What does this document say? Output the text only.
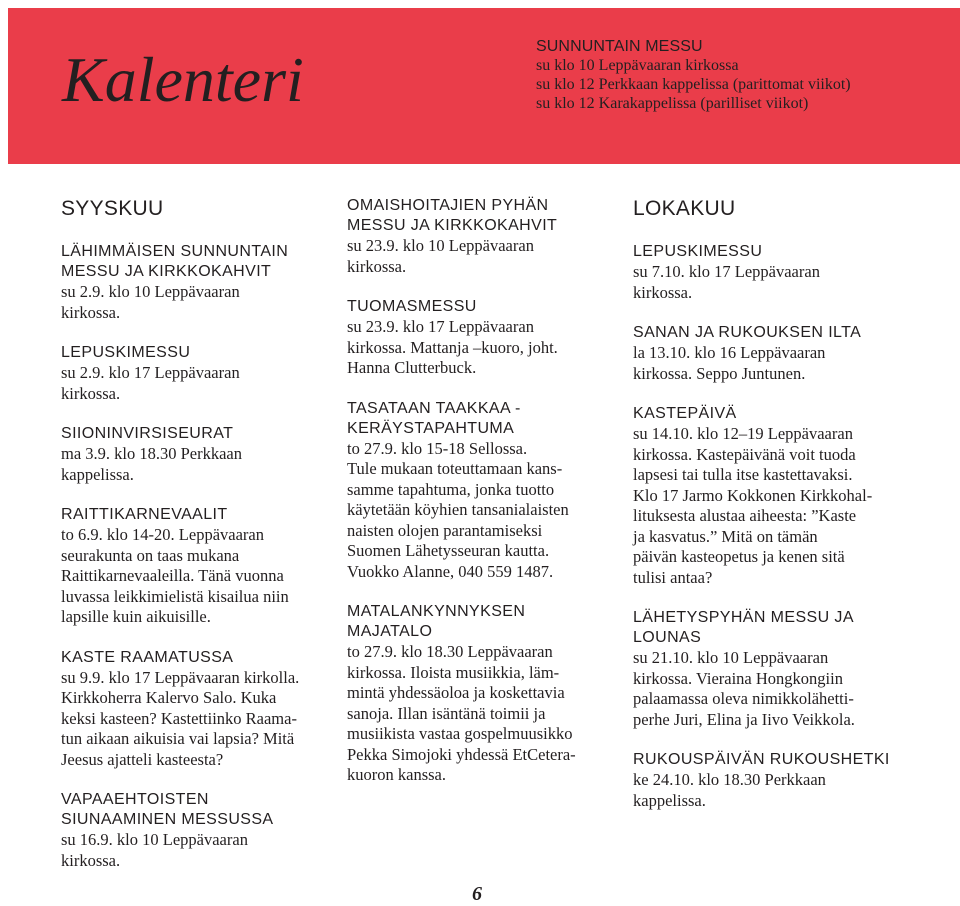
Kalenteri	SUNNUNTAIN MESSU
su klo 10 Leppävaaran kirkossa
su klo 12 Perkkaan kappelissa (parittomat viikot)
su klo 12 Karakappelissa (parilliset viikot)
SYYSKUU
LÄHIMMÄISEN SUNNUNTAIN
MESSU JA KIRKKOKAHVIT

su 2.9. klo 10 Leppävaaran
kirkossa.

LEPUSKIMESSU

su 2.9. klo 17 Leppävaaran
kirkossa.

SIIONINVIRSISEURAT

ma 3.9. klo 18.30 Perkkaan
kappelissa.

RAITTIKARNEVAALIT

to 6.9. klo 14-20. Leppävaaran
seurakunta on taas mukana
Raittikarnevaaleilla. Tänä vuonna
luvassa leikkimielistä kisailua niin
lapsille kuin aikuisille.

KASTE RAAMATUSSA

su 9.9. klo 17 Leppävaaran kirkolla.
Kirkkoherra Kalervo Salo. Kuka
keksi kasteen? Kastettiinko Raama-
tun aikaan aikuisia vai lapsia? Mitä
Jeesus ajatteli kasteesta?

VAPAAEHTOISTEN
SIUNAAMINEN MESSUSSA

su 16.9. klo 10 Leppävaaran
kirkossa.

OMAISHOITAJIEN PYHÄN
MESSU JA KIRKKOKAHVIT

su 23.9. klo 10 Leppävaaran
kirkossa.

TUOMASMESSU

su 23.9. klo 17 Leppävaaran
kirkossa. Mattanja –kuoro, joht.
Hanna Clutterbuck.

TASATAAN TAAKKAA -
KERÄYSTAPAHTUMA

to 27.9. klo 15-18 Sellossa.
Tule mukaan toteuttamaan kans-
samme tapahtuma, jonka tuotto
käytetään köyhien tansanialaisten
naisten olojen parantamiseksi
Suomen Lähetysseuran kautta.
Vuokko Alanne, 040 559 1487.

MATALANKYNNYKSEN
MAJATALO

to 27.9. klo 18.30 Leppävaaran
kirkossa. Iloista musiikkia, läm-
mintä yhdessäoloa ja koskettavia
sanoja. Illan isäntänä toimii ja
musiikista vastaa gospelmuusikko
Pekka Simojoki yhdessä EtCetera-
kuoron kanssa.

LOKAKUU
LEPUSKIMESSU

su 7.10. klo 17 Leppävaaran
kirkossa.

SANAN JA RUKOUKSEN ILTA

la 13.10. klo 16 Leppävaaran
kirkossa. Seppo Juntunen.

KASTEPÄIVÄ

su 14.10. klo 12–19 Leppävaaran
kirkossa. Kastepäivänä voit tuoda
lapsesi tai tulla itse kastettavaksi.
Klo 17 Jarmo Kokkonen Kirkkohal-
lituksesta alustaa aiheesta: ”Kaste
ja kasvatus.” Mitä on tämän
päivän kasteopetus ja kenen sitä
tulisi antaa?

LÄHETYSPYHÄN MESSU JA
LOUNAS

su 21.10. klo 10 Leppävaaran
kirkossa. Vieraina Hongkongiin
palaamassa oleva nimikkolähetti-
perhe Juri, Elina ja Iivo Veikkola.

RUKOUSPÄIVÄN RUKOUSHETKI

ke 24.10. klo 18.30 Perkkaan
kappelissa.

6
